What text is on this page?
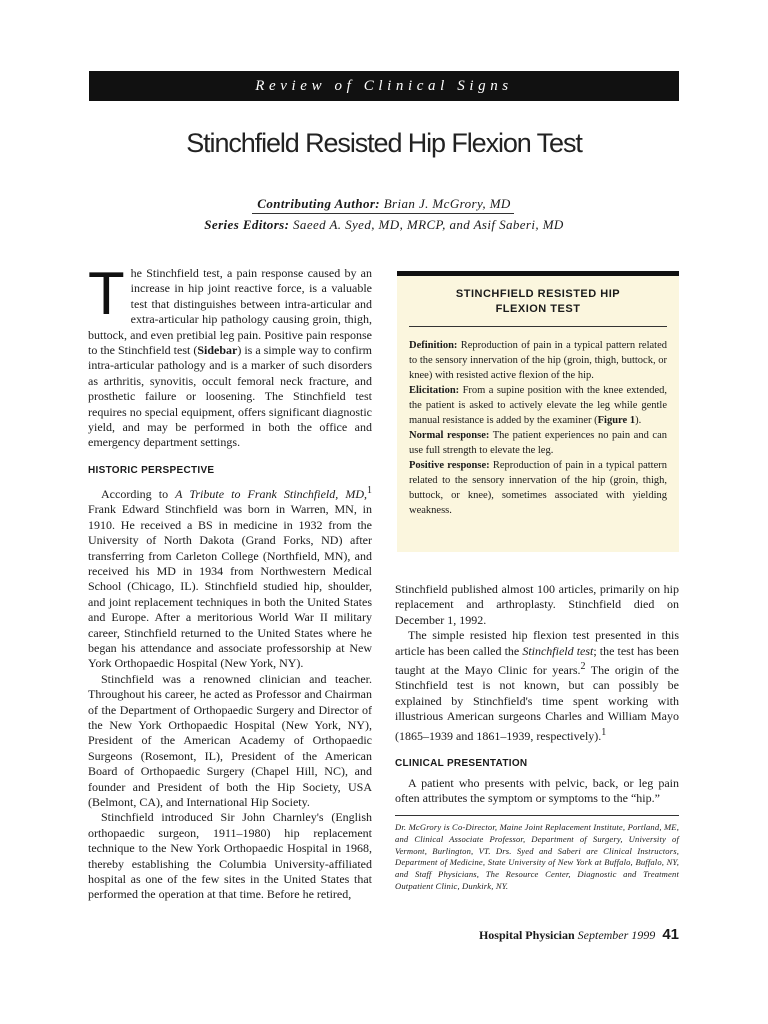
Review of Clinical Signs
Stinchfield Resisted Hip Flexion Test
Contributing Author: Brian J. McGrory, MD
Series Editors: Saeed A. Syed, MD, MRCP, and Asif Saberi, MD

The Stinchfield test, a pain response caused by an increase in hip joint reactive force, is a valuable test that distinguishes between intra-articular and extra-articular hip pathology causing groin, thigh, buttock, and even pretibial leg pain. Positive pain response to the Stinchfield test (Sidebar) is a simple way to confirm intra-articular pathology and is a marker of such disorders as arthritis, synovitis, occult femoral neck fracture, and prosthetic failure or loosening. The Stinchfield test requires no special equipment, offers significant diagnostic yield, and may be performed in both the office and emergency department settings.

HISTORIC PERSPECTIVE

According to A Tribute to Frank Stinchfield, MD,$^1$ Frank Edward Stinchfield was born in Warren, MN, in 1910. He received a BS in medicine in 1932 from the University of North Dakota (Grand Forks, ND) after transferring from Carleton College (Northfield, MN), and received his MD in 1934 from Northwestern Medical School (Chicago, IL). Stinchfield studied hip, shoulder, and joint replacement techniques in both the United States and Europe. After a meritorious World War II military career, Stinchfield returned to the United States where he began his attendance and associate professorship at New York Orthopaedic Hospital (New York, NY).

Stinchfield was a renowned clinician and teacher. Throughout his career, he acted as Professor and Chairman of the Department of Orthopaedic Surgery and Director of the New York Orthopaedic Hospital (New York, NY), President of the American Academy of Orthopaedic Surgeons (Rosemont, IL), President of the American Board of Orthopaedic Surgery (Chapel Hill, NC), and founder and President of both the Hip Society, USA (Belmont, CA), and International Hip Society.

Stinchfield introduced Sir John Charnley's (English orthopaedic surgeon, 1911–1980) hip replacement technique to the New York Orthopaedic Hospital in 1968, thereby establishing the Columbia University-affiliated hospital as one of the few sites in the United States that performed the operation at that time. Before he retired,

STINCHFIELD RESISTED HIP
FLEXION TEST

Definition: Reproduction of pain in a typical pattern related to the sensory innervation of the hip (groin, thigh, buttock, or knee) with resisted active flexion of the hip.

Elicitation: From a supine position with the knee extended, the patient is asked to actively elevate the leg while gentle manual resistance is added by the examiner (Figure 1).

Normal response: The patient experiences no pain and can use full strength to elevate the leg.

Positive response: Reproduction of pain in a typical pattern related to the sensory innervation of the hip (groin, thigh, buttock, or knee), sometimes associated with yielding weakness.

Stinchfield published almost 100 articles, primarily on hip replacement and arthroplasty. Stinchfield died on December 1, 1992.

The simple resisted hip flexion test presented in this article has been called the Stinchfield test; the test has been taught at the Mayo Clinic for years.$^2$ The origin of the Stinchfield test is not known, but can possibly be explained by Stinchfield's time spent working with illustrious American surgeons Charles and William Mayo (1865–1939 and 1861–1939, respectively).$^1$

CLINICAL PRESENTATION

A patient who presents with pelvic, back, or leg pain often attributes the symptom or symptoms to the “hip.”

Dr. McGrory is Co-Director, Maine Joint Replacement Institute, Portland, ME, and Clinical Associate Professor, Department of Surgery, University of Vermont, Burlington, VT. Drs. Syed and Saberi are Clinical Instructors, Department of Medicine, State University of New York at Buffalo, Buffalo, NY, and Staff Physicians, The Resource Center, Diagnostic and Treatment Outpatient Clinic, Dunkirk, NY.
Hospital Physician September 1999 41
